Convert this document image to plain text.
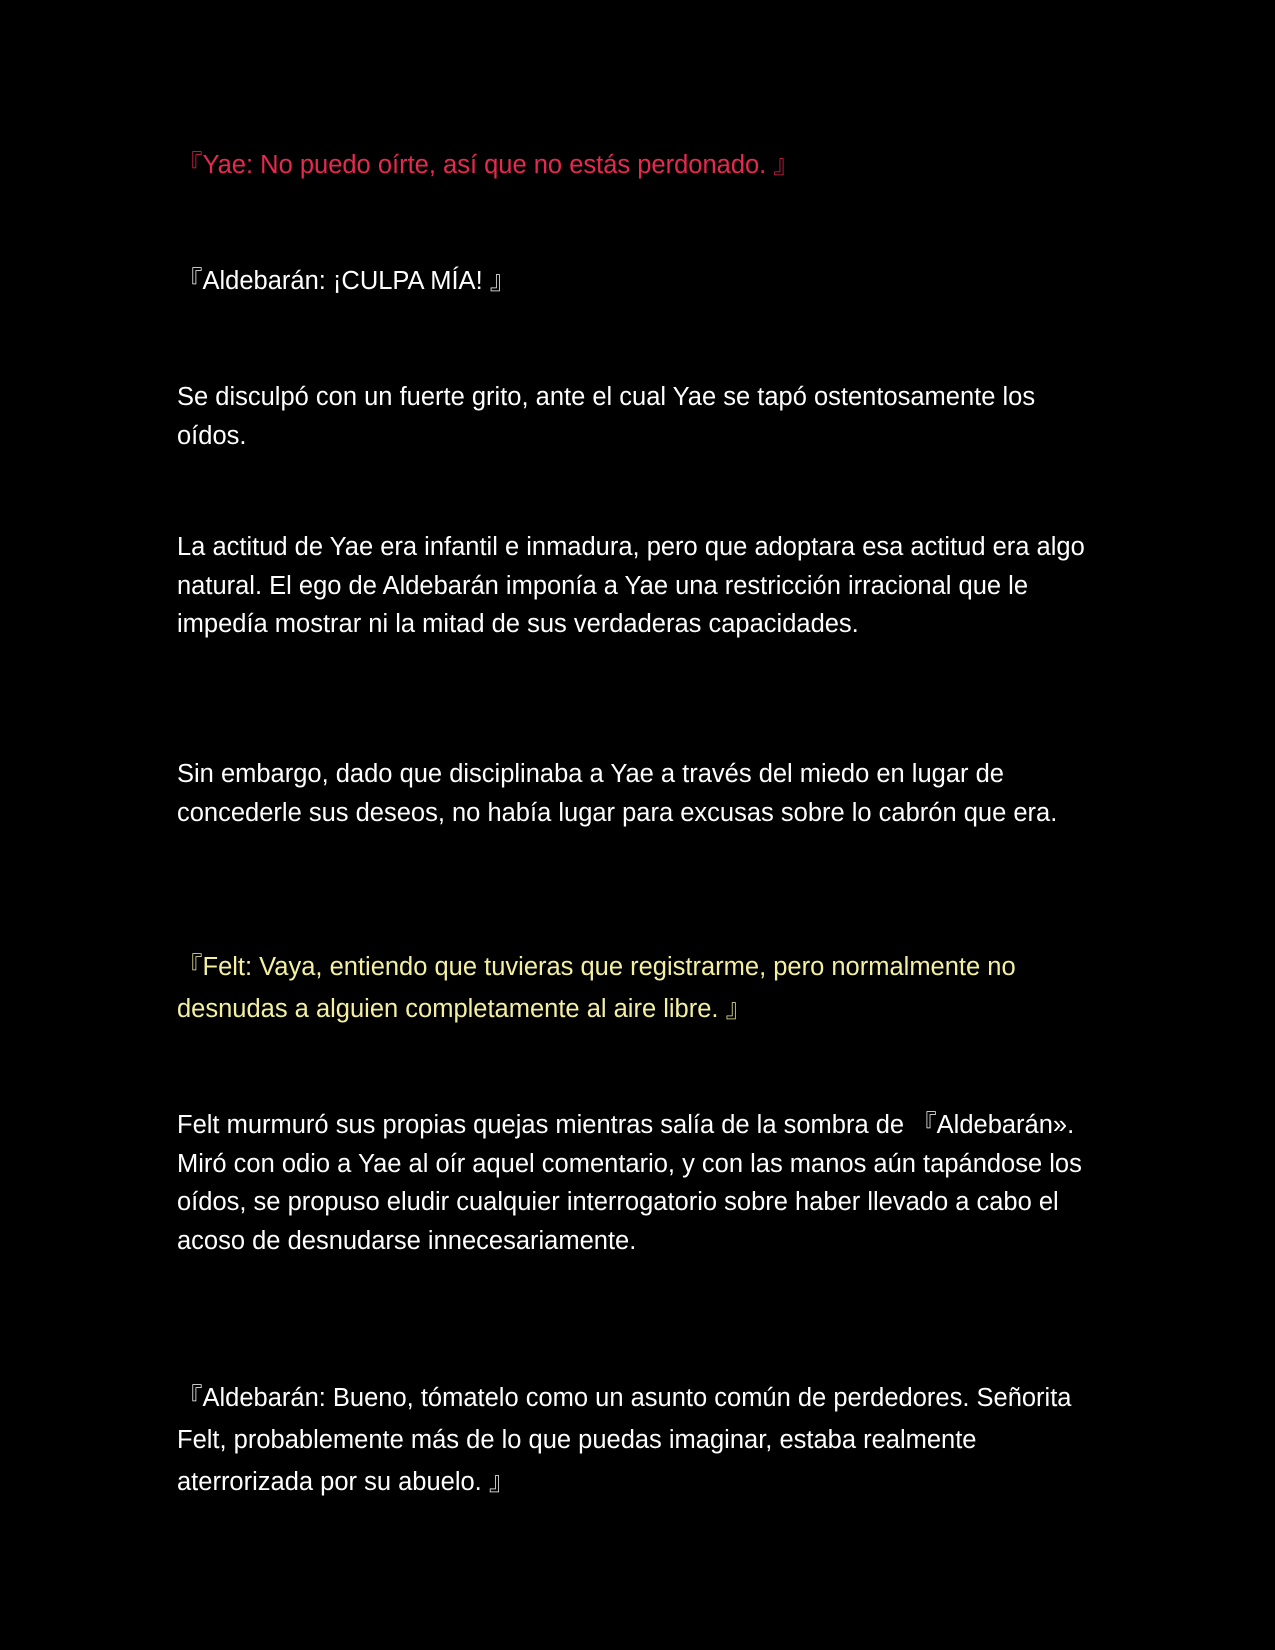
『Yae: No puedo oírte, así que no estás perdonado. 』

『Aldebarán: ¡CULPA MÍA! 』

Se disculpó con un fuerte grito, ante el cual Yae se tapó ostentosamente los oídos.

La actitud de Yae era infantil e inmadura, pero que adoptara esa actitud era algo natural. El ego de Aldebarán imponía a Yae una restricción irracional que le impedía mostrar ni la mitad de sus verdaderas capacidades.

Sin embargo, dado que disciplinaba a Yae a través del miedo en lugar de concederle sus deseos, no había lugar para excusas sobre lo cabrón que era.

『Felt: Vaya, entiendo que tuvieras que registrarme, pero normalmente no desnudas a alguien completamente al aire libre. 』

Felt murmuró sus propias quejas mientras salía de la sombra de 『Aldebarán». Miró con odio a Yae al oír aquel comentario, y con las manos aún tapándose los oídos, se propuso eludir cualquier interrogatorio sobre haber llevado a cabo el acoso de desnudarse innecesariamente.

『Aldebarán: Bueno, tómatelo como un asunto común de perdedores. Señorita Felt, probablemente más de lo que puedas imaginar, estaba realmente aterrorizada por su abuelo. 』
